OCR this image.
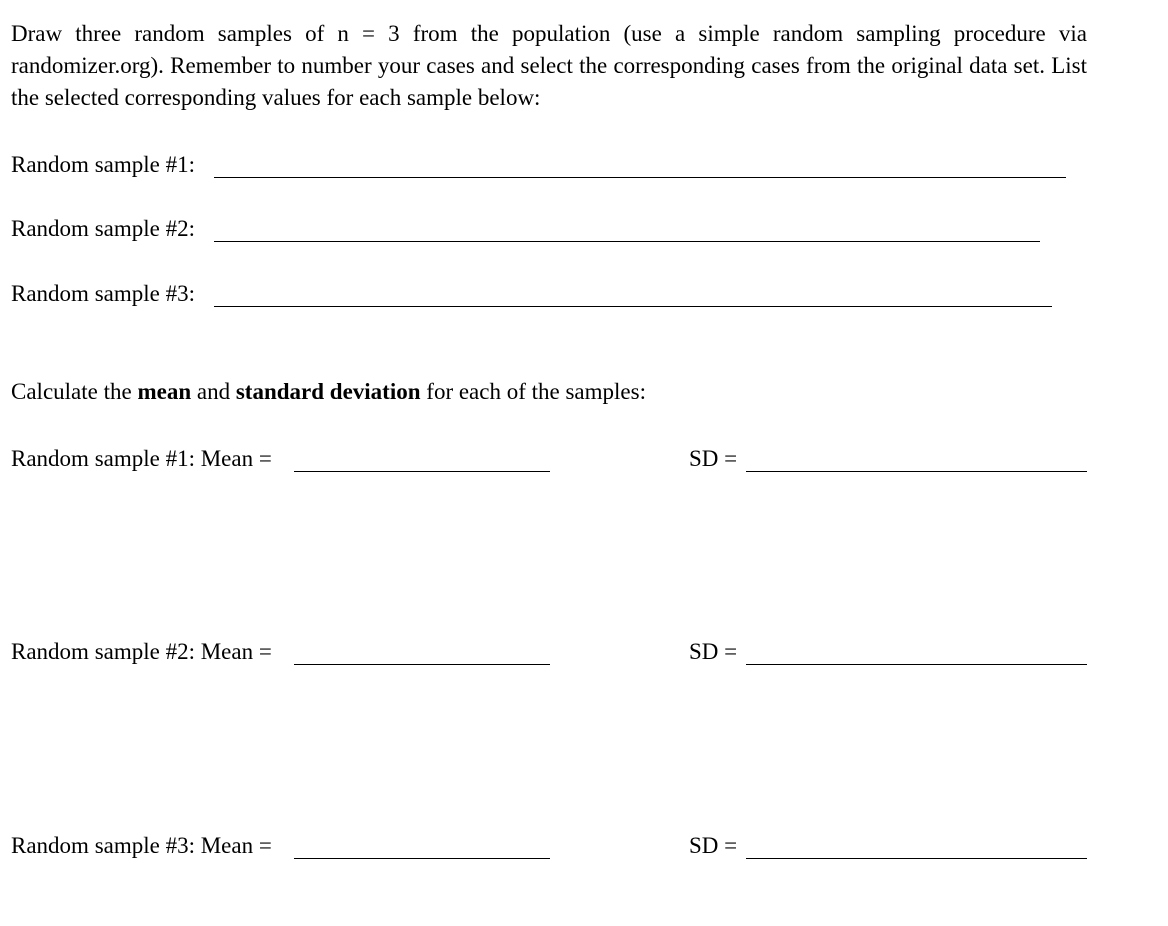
Draw three random samples of n = 3 from the population (use a simple random sampling procedure via randomizer.org). Remember to number your cases and select the corresponding cases from the original data set. List the selected corresponding values for each sample below:

Random sample #1:
Random sample #2:
Random sample #3:

Calculate the mean and standard deviation for each of the samples:

Random sample #1: Mean =	SD =
Random sample #2: Mean =	SD =
Random sample #3: Mean =	SD =
